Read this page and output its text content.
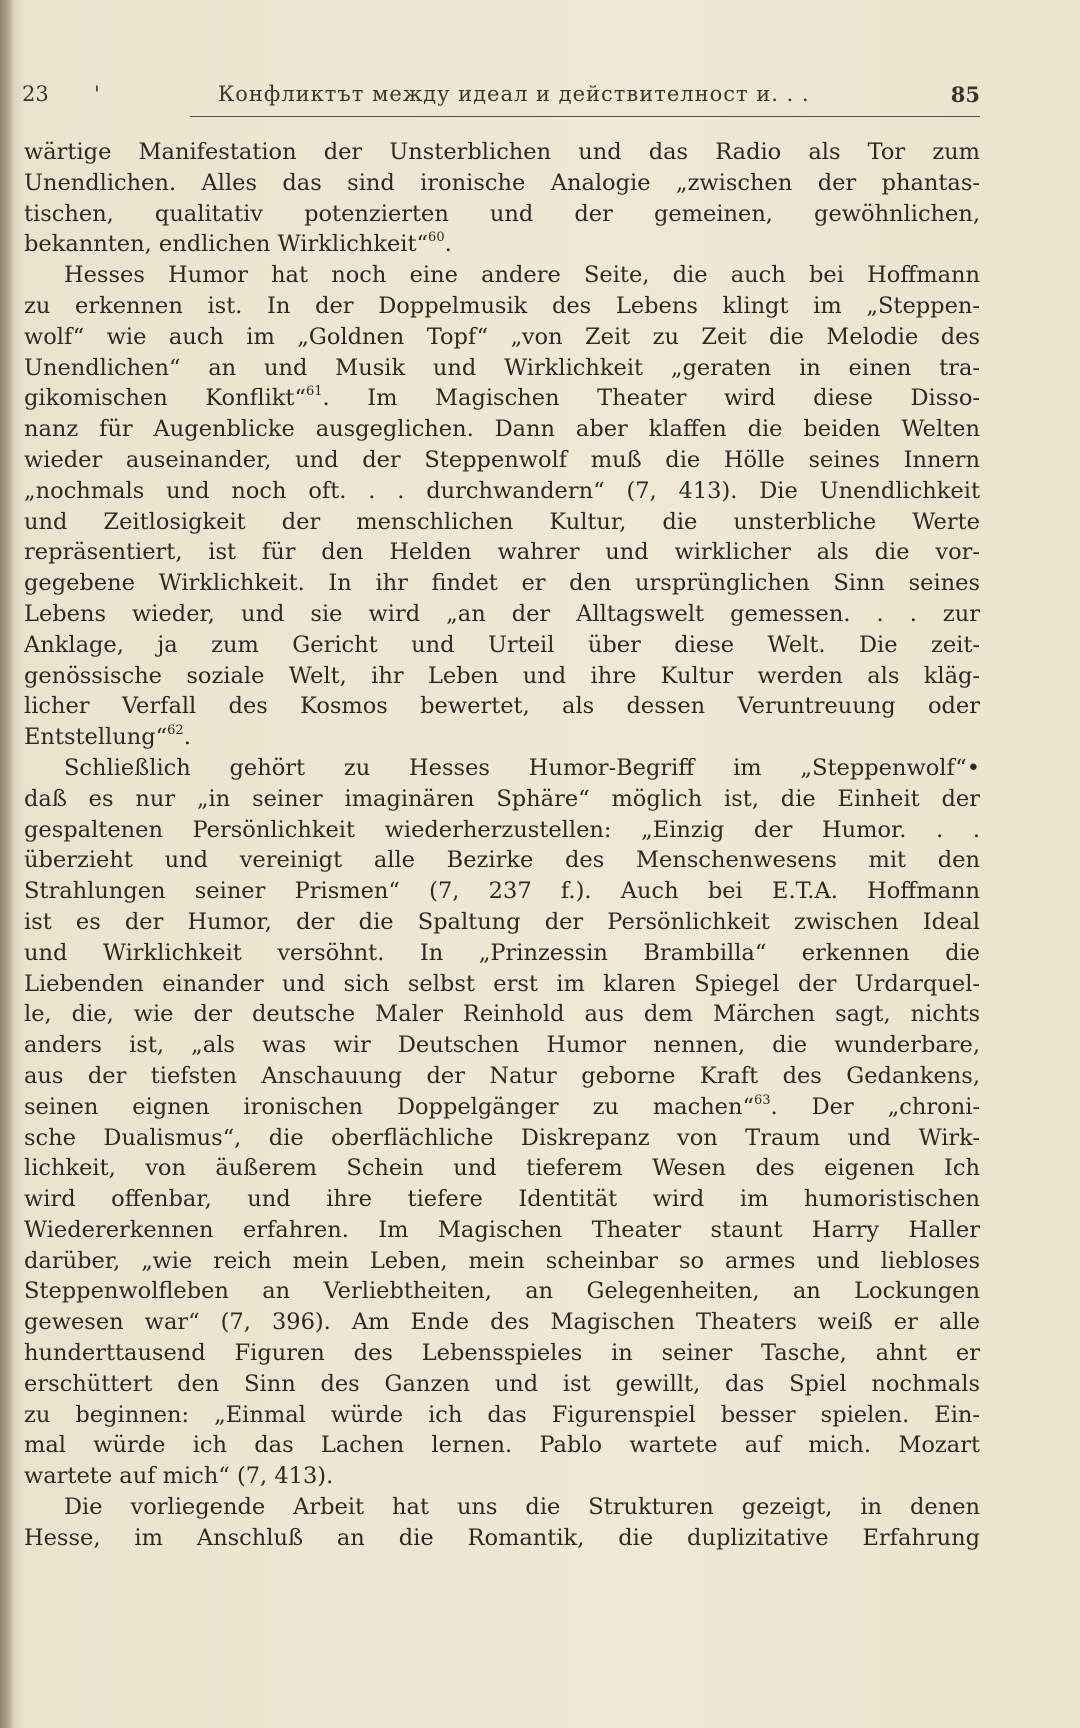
23 '	Конфликтът между идеал и действителност и. . .	85
wärtige Manifestation der Unsterblichen und das Radio als Tor zum
Unendlichen. Alles das sind ironische Analogie „zwischen der phantas-
tischen, qualitativ potenzierten und der gemeinen, gewöhnlichen,
bekannten, endlichen Wirklichkeit“$^{60}$.
Hesses Humor hat noch eine andere Seite, die auch bei Hoffmann
zu erkennen ist. In der Doppelmusik des Lebens klingt im „Steppen-
wolf“ wie auch im „Goldnen Topf“ „von Zeit zu Zeit die Melodie des
Unendlichen“ an und Musik und Wirklichkeit „geraten in einen tra-
gikomischen Konflikt“$^{61}$. Im Magischen Theater wird diese Disso-
nanz für Augenblicke ausgeglichen. Dann aber klaffen die beiden Welten
wieder auseinander, und der Steppenwolf muß die Hölle seines Innern
„nochmals und noch oft. . . durchwandern“ (7, 413). Die Unendlichkeit
und Zeitlosigkeit der menschlichen Kultur, die unsterbliche Werte
repräsentiert, ist für den Helden wahrer und wirklicher als die vor-
gegebene Wirklichkeit. In ihr findet er den ursprünglichen Sinn seines
Lebens wieder, und sie wird „an der Alltagswelt gemessen. . . zur
Anklage, ja zum Gericht und Urteil über diese Welt. Die zeit-
genössische soziale Welt, ihr Leben und ihre Kultur werden als kläg-
licher Verfall des Kosmos bewertet, als dessen Veruntreuung oder
Entstellung“$^{62}$.
Schließlich gehört zu Hesses Humor-Begriff im „Steppenwolf“•
daß es nur „in seiner imaginären Sphäre“ möglich ist, die Einheit der
gespaltenen Persönlichkeit wiederherzustellen: „Einzig der Humor. . .
überzieht und vereinigt alle Bezirke des Menschenwesens mit den
Strahlungen seiner Prismen“ (7, 237 f.). Auch bei E.T.A. Hoffmann
ist es der Humor, der die Spaltung der Persönlichkeit zwischen Ideal
und Wirklichkeit versöhnt. In „Prinzessin Brambilla“ erkennen die
Liebenden einander und sich selbst erst im klaren Spiegel der Urdarquel-
le, die, wie der deutsche Maler Reinhold aus dem Märchen sagt, nichts
anders ist, „als was wir Deutschen Humor nennen, die wunderbare,
aus der tiefsten Anschauung der Natur geborne Kraft des Gedankens,
seinen eignen ironischen Doppelgänger zu machen“$^{63}$. Der „chroni-
sche Dualismus“, die oberflächliche Diskrepanz von Traum und Wirk-
lichkeit, von äußerem Schein und tieferem Wesen des eigenen Ich
wird offenbar, und ihre tiefere Identität wird im humoristischen
Wiedererkennen erfahren. Im Magischen Theater staunt Harry Haller
darüber, „wie reich mein Leben, mein scheinbar so armes und liebloses
Steppenwolfleben an Verliebtheiten, an Gelegenheiten, an Lockungen
gewesen war“ (7, 396). Am Ende des Magischen Theaters weiß er alle
hunderttausend Figuren des Lebensspieles in seiner Tasche, ahnt er
erschüttert den Sinn des Ganzen und ist gewillt, das Spiel nochmals
zu beginnen: „Einmal würde ich das Figurenspiel besser spielen. Ein-
mal würde ich das Lachen lernen. Pablo wartete auf mich. Mozart
wartete auf mich“ (7, 413).
Die vorliegende Arbeit hat uns die Strukturen gezeigt, in denen
Hesse, im Anschluß an die Romantik, die duplizitative Erfahrung
